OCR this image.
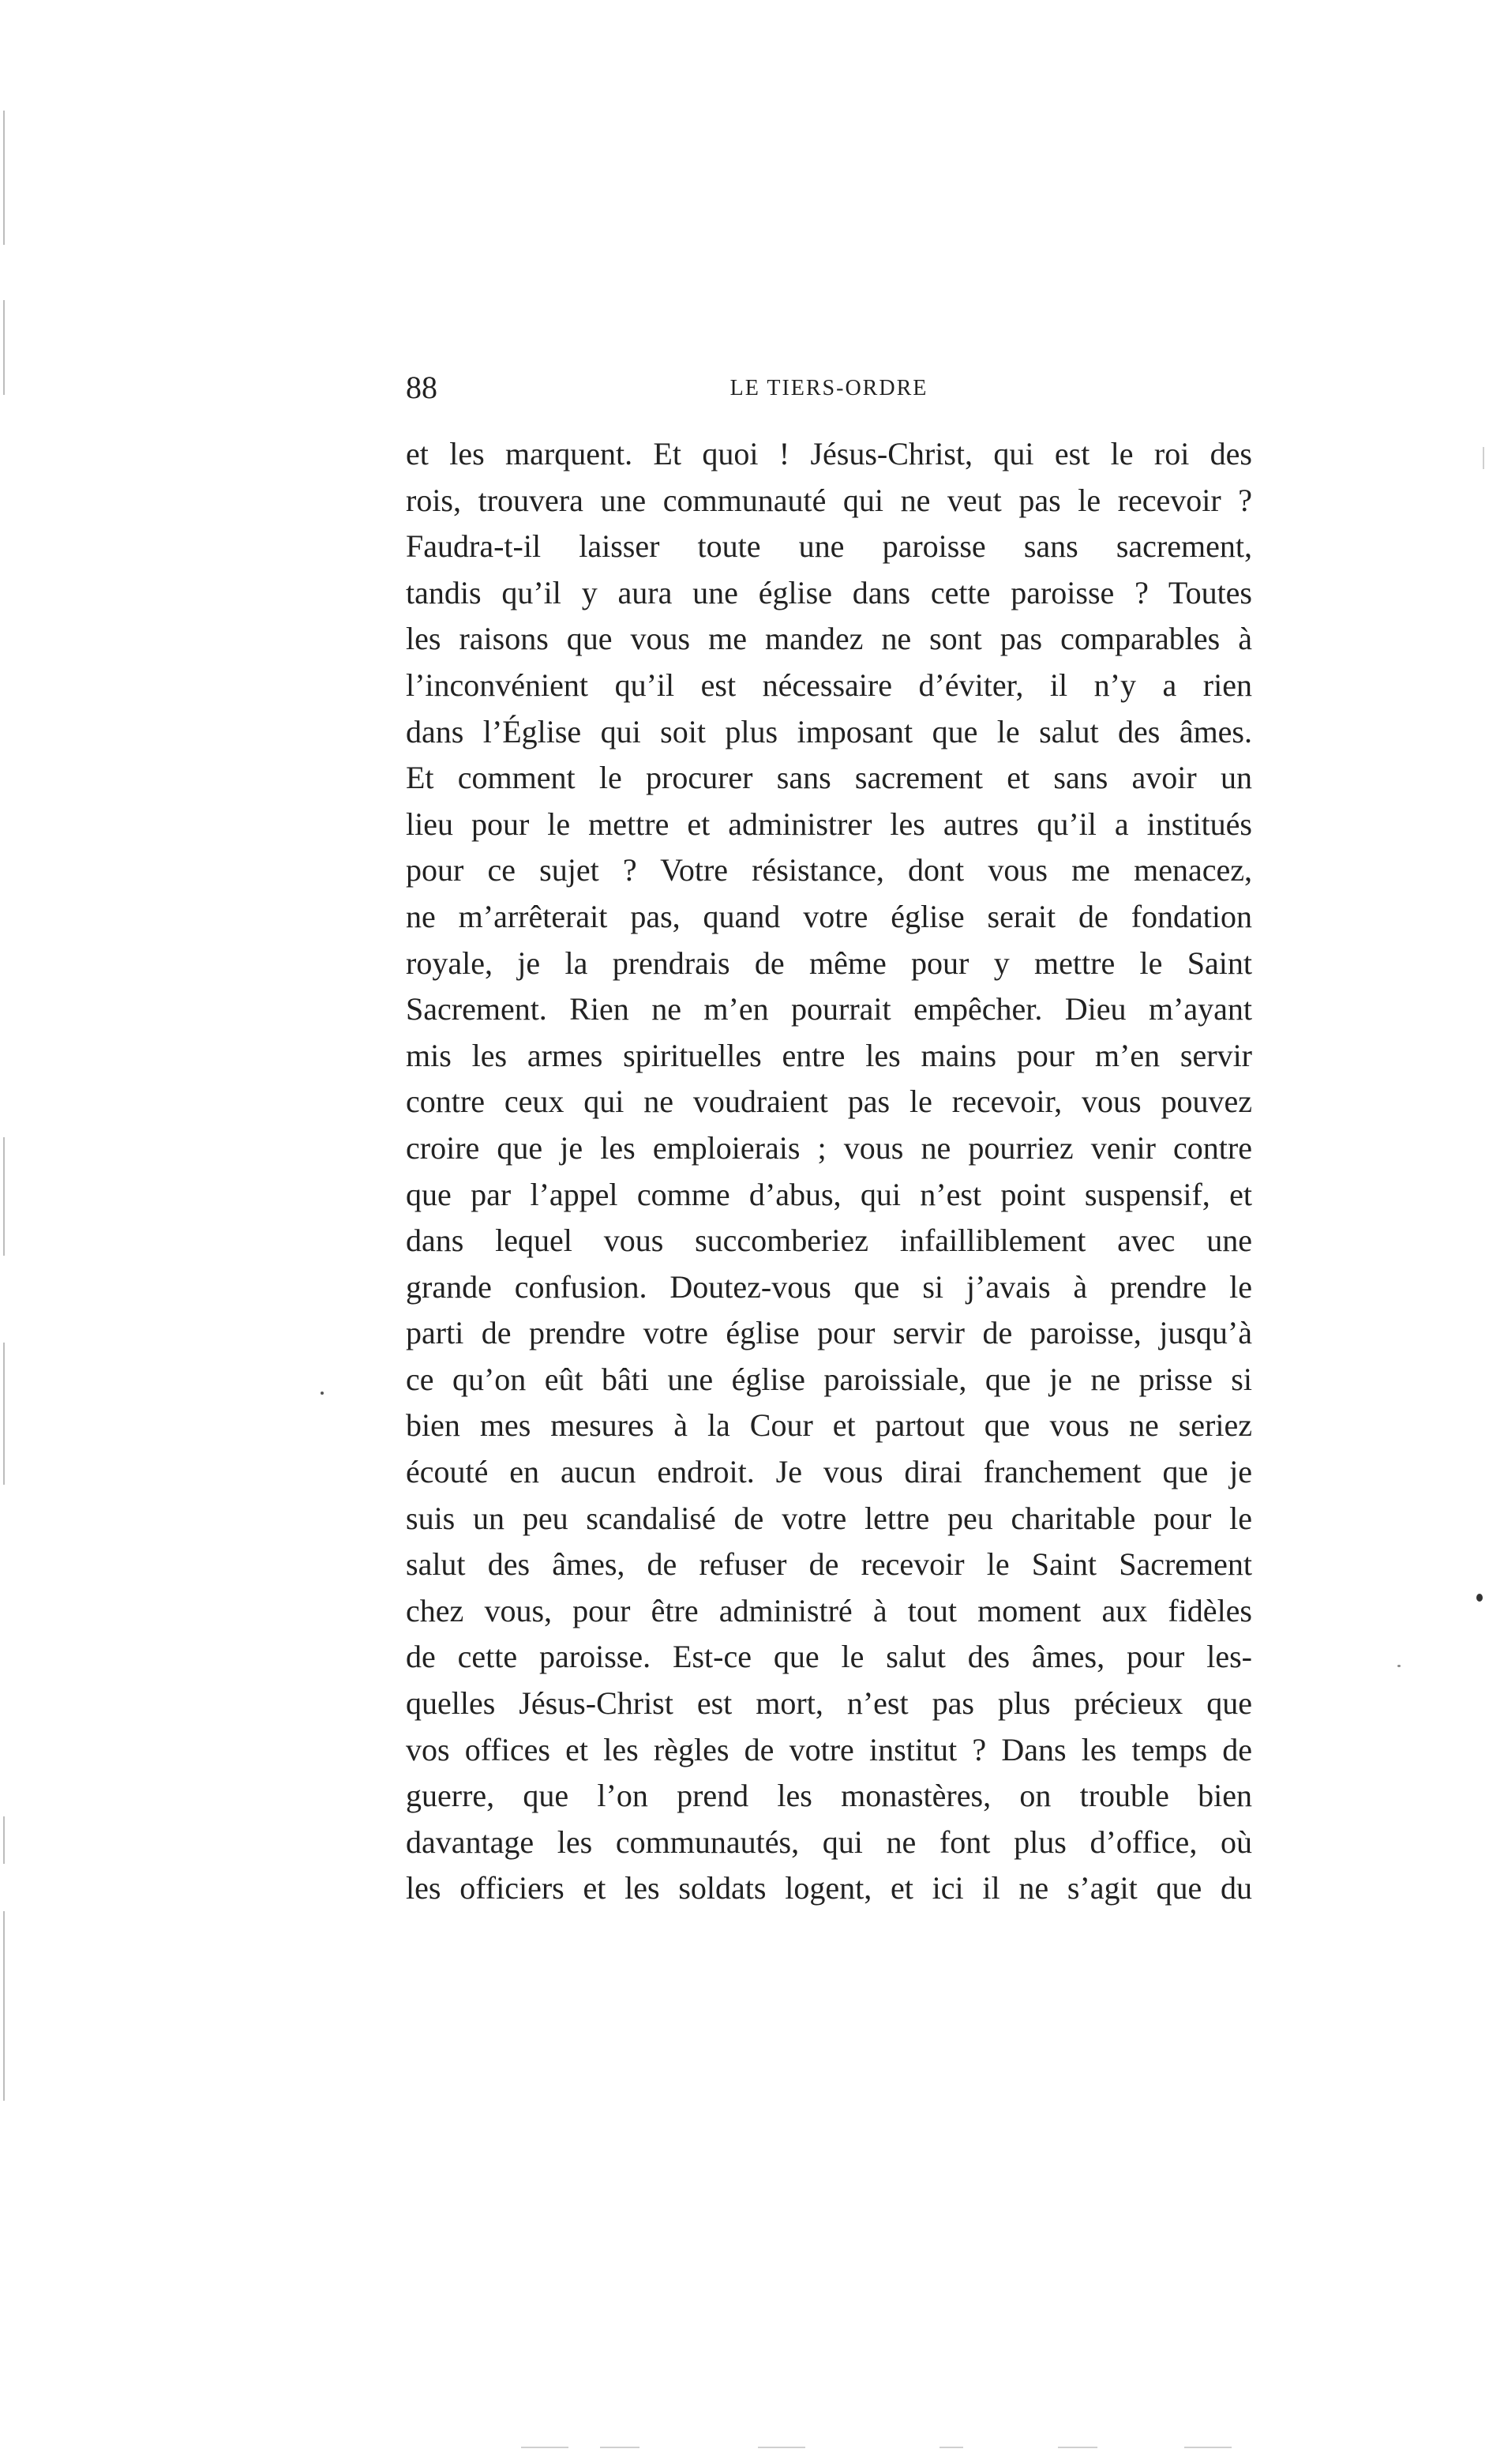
88	LE TIERS-ORDRE
et les marquent. Et quoi ! Jésus-Christ, qui est le roi des
rois, trouvera une communauté qui ne veut pas le recevoir ?
Faudra-t-il laisser toute une paroisse sans sacrement,
tandis qu’il y aura une église dans cette paroisse ? Toutes
les raisons que vous me mandez ne sont pas comparables à
l’inconvénient qu’il est nécessaire d’éviter, il n’y a rien
dans l’Église qui soit plus imposant que le salut des âmes.
Et comment le procurer sans sacrement et sans avoir un
lieu pour le mettre et administrer les autres qu’il a institués
pour ce sujet ? Votre résistance, dont vous me menacez,
ne m’arrêterait pas, quand votre église serait de fondation
royale, je la prendrais de même pour y mettre le Saint
Sacrement. Rien ne m’en pourrait empêcher. Dieu m’ayant
mis les armes spirituelles entre les mains pour m’en servir
contre ceux qui ne voudraient pas le recevoir, vous pouvez
croire que je les emploierais ; vous ne pourriez venir contre
que par l’appel comme d’abus, qui n’est point suspensif, et
dans lequel vous succomberiez infailliblement avec une
grande confusion. Doutez-vous que si j’avais à prendre le
parti de prendre votre église pour servir de paroisse, jusqu’à
ce qu’on eût bâti une église paroissiale, que je ne prisse si
bien mes mesures à la Cour et partout que vous ne seriez
écouté en aucun endroit. Je vous dirai franchement que je
suis un peu scandalisé de votre lettre peu charitable pour le
salut des âmes, de refuser de recevoir le Saint Sacrement
chez vous, pour être administré à tout moment aux fidèles
de cette paroisse. Est-ce que le salut des âmes, pour les-
quelles Jésus-Christ est mort, n’est pas plus précieux que
vos offices et les règles de votre institut ? Dans les temps de
guerre, que l’on prend les monastères, on trouble bien
davantage les communautés, qui ne font plus d’office, où
les officiers et les soldats logent, et ici il ne s’agit que du
